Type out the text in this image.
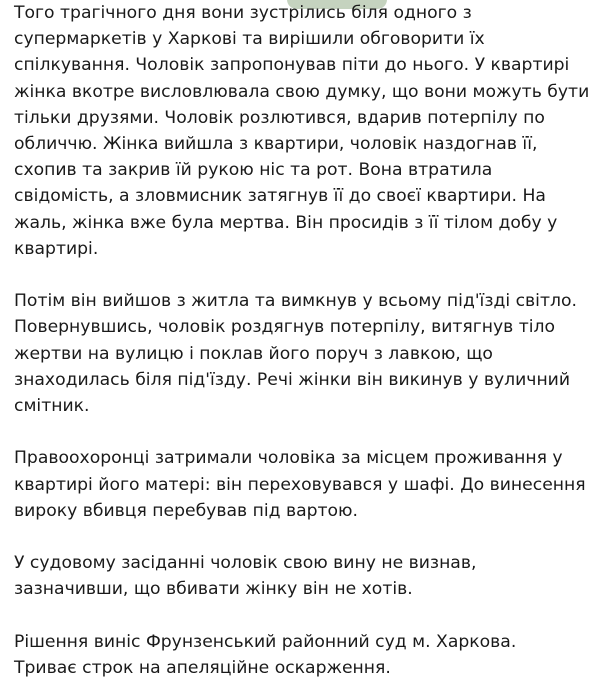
Того трагічного дня вони зустрілись біля одного з
супермаркетів у Харкові та вирішили обговорити їх
спілкування. Чоловік запропонував піти до нього. У квартирі
жінка вкотре висловлювала свою думку, що вони можуть бути
тільки друзями. Чоловік розлютився, вдарив потерпілу по
обличчю. Жінка вийшла з квартири, чоловік наздогнав її,
схопив та закрив їй рукою ніс та рот. Вона втратила
свідомість, а зловмисник затягнув її до своєї квартири. На
жаль, жінка вже була мертва. Він просидів з її тілом добу у
квартирі.

Потім він вийшов з житла та вимкнув у всьому під'їзді світло.
Повернувшись, чоловік роздягнув потерпілу, витягнув тіло
жертви на вулицю і поклав його поруч з лавкою, що
знаходилась біля під'їзду. Речі жінки він викинув у вуличний
смітник.

Правоохоронці затримали чоловіка за місцем проживання у
квартирі його матері: він переховувався у шафі. До винесення
вироку вбивця перебував під вартою.

У судовому засіданні чоловік свою вину не визнав,
зазначивши, що вбивати жінку він не хотів.

Рішення виніс Фрунзенський районний суд м. Харкова.
Триває строк на апеляційне оскарження.
